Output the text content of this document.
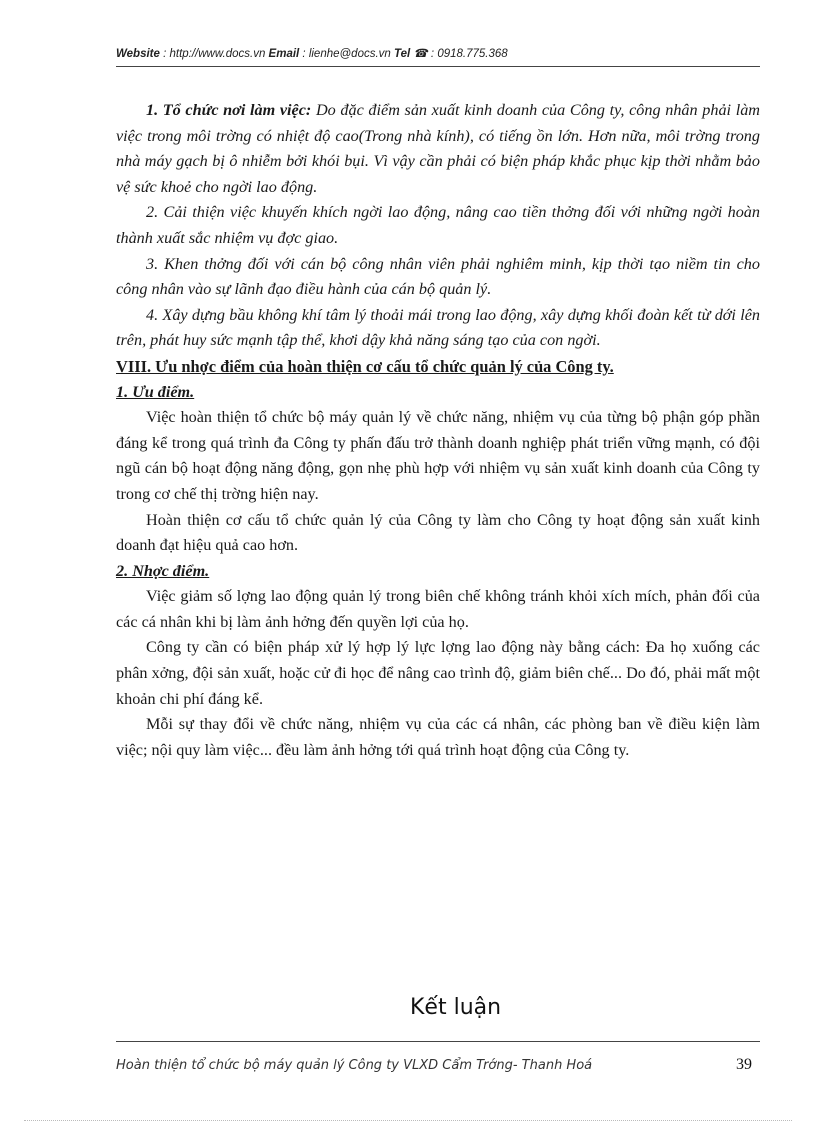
Website : http://www.docs.vn Email : lienhe@docs.vn Tel ☎ : 0918.775.368

1. Tổ chức nơi làm việc: Do đặc điểm sản xuất kinh doanh của Công ty, công nhân phải làm việc trong môi trờng có nhiệt độ cao(Trong nhà kính), có tiếng ồn lớn. Hơn nữa, môi trờng trong nhà máy gạch bị ô nhiễm bởi khói bụi. Vì vậy cần phải có biện pháp khắc phục kịp thời nhằm bảo vệ sức khoẻ cho ngời lao động.

2. Cải thiện việc khuyến khích ngời lao động, nâng cao tiền thởng đối với những ngời hoàn thành xuất sắc nhiệm vụ đợc giao.

3. Khen thởng đối với cán bộ công nhân viên phải nghiêm minh, kịp thời tạo niềm tin cho công nhân vào sự lãnh đạo điều hành của cán bộ quản lý.

4. Xây dựng bầu không khí tâm lý thoải mái trong lao động, xây dựng khối đoàn kết từ dới lên trên, phát huy sức mạnh tập thể, khơi dậy khả năng sáng tạo của con ngời.

VIII. Ưu nhợc điểm của hoàn thiện cơ cấu tổ chức quản lý của Công ty.
1. Ưu điểm.

Việc hoàn thiện tổ chức bộ máy quản lý về chức năng, nhiệm vụ của từng bộ phận góp phần đáng kể trong quá trình đa Công ty phấn đấu trở thành doanh nghiệp phát triển vững mạnh, có đội ngũ cán bộ hoạt động năng động, gọn nhẹ phù hợp với nhiệm vụ sản xuất kinh doanh của Công ty trong cơ chế thị trờng hiện nay.

Hoàn thiện cơ cấu tổ chức quản lý của Công ty làm cho Công ty hoạt động sản xuất kinh doanh đạt hiệu quả cao hơn.

2. Nhợc điểm.

Việc giảm số lợng lao động quản lý trong biên chế không tránh khỏi xích mích, phản đối của các cá nhân khi bị làm ảnh hởng đến quyền lợi của họ.

Công ty cần có biện pháp xử lý hợp lý lực lợng lao động này bằng cách: Đa họ xuống các phân xởng, đội sản xuất, hoặc cử đi học để nâng cao trình độ, giảm biên chế... Do đó, phải mất một khoản chi phí đáng kể.

Mỗi sự thay đổi về chức năng, nhiệm vụ của các cá nhân, các phòng ban về điều kiện làm việc; nội quy làm việc... đều làm ảnh hởng tới quá trình hoạt động của Công ty.

Kết luận
Hoàn thiện tổ chức bộ máy quản lý Công ty VLXD Cẩm Trớng- Thanh Hoá	39
